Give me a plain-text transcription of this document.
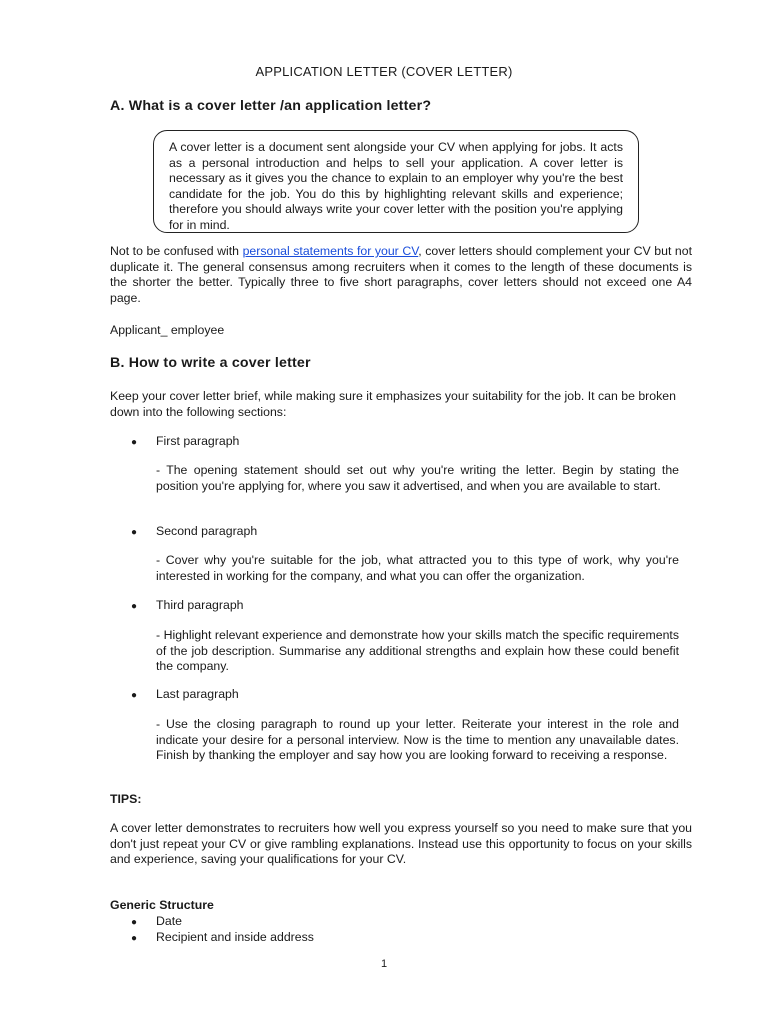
APPLICATION LETTER (COVER LETTER)
A. What is a cover letter /an application letter?
A cover letter is a document sent alongside your CV when applying for jobs. It acts as a personal introduction and helps to sell your application. A cover letter is necessary as it gives you the chance to explain to an employer why you're the best candidate for the job. You do this by highlighting relevant skills and experience; therefore you should always write your cover letter with the position you're applying for in mind.
Not to be confused with personal statements for your CV, cover letters should complement your CV but not duplicate it. The general consensus among recruiters when it comes to the length of these documents is the shorter the better. Typically three to five short paragraphs, cover letters should not exceed one A4 page.
Applicant_ employee
B. How to write a cover letter
Keep your cover letter brief, while making sure it emphasizes your suitability for the job. It can be broken down into the following sections:
● First paragraph
- The opening statement should set out why you're writing the letter. Begin by stating the position you're applying for, where you saw it advertised, and when you are available to start.
● Second paragraph
- Cover why you're suitable for the job, what attracted you to this type of work, why you're interested in working for the company, and what you can offer the organization.
● Third paragraph
- Highlight relevant experience and demonstrate how your skills match the specific requirements of the job description. Summarise any additional strengths and explain how these could benefit the company.
● Last paragraph
- Use the closing paragraph to round up your letter. Reiterate your interest in the role and indicate your desire for a personal interview. Now is the time to mention any unavailable dates. Finish by thanking the employer and say how you are looking forward to receiving a response.
TIPS:
A cover letter demonstrates to recruiters how well you express yourself so you need to make sure that you don't just repeat your CV or give rambling explanations. Instead use this opportunity to focus on your skills and experience, saving your qualifications for your CV.
Generic Structure
● Date
● Recipient and inside address
1
